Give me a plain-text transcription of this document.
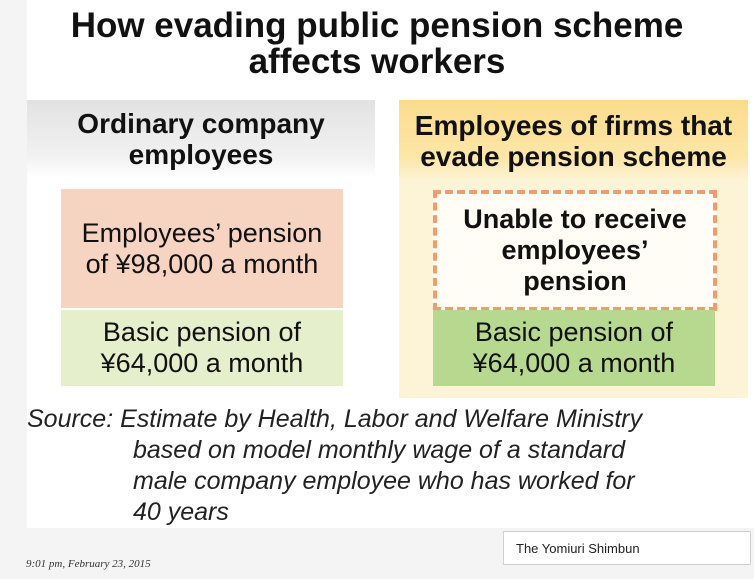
How evading public pension scheme
affects workers
Ordinary company
employees
Employees of firms that
evade pension scheme
Employees’ pension
of ¥98,000 a month
Basic pension of
¥64,000 a month
Unable to receive
employees’
pension
Basic pension of
¥64,000 a month
Source: Estimate by Health, Labor and Welfare Ministry
based on model monthly wage of a standard
male company employee who has worked for
40 years
The Yomiuri Shimbun
9:01 pm, February 23, 2015
